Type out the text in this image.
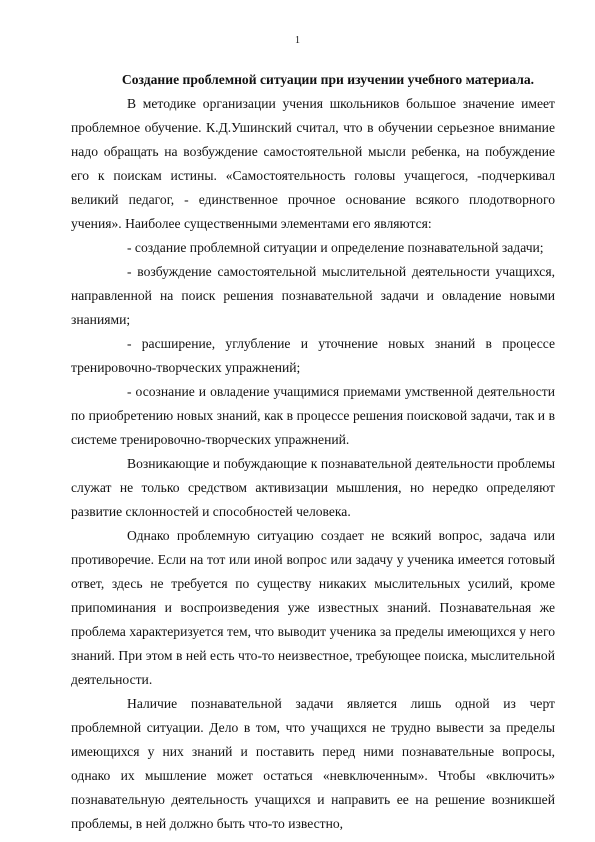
1
Создание проблемной ситуации при изучении учебного материала.

В методике организации учения школьников большое значение имеет проблемное обучение. К.Д.Ушинский считал, что в обучении серьезное внимание надо обращать на возбуждение самостоятельной мысли ребенка, на побуждение его к поискам истины. «Самостоятельность головы учащегося, -подчеркивал великий педагог, - единственное прочное основание всякого плодотворного учения». Наиболее существенными элементами его являются:

- создание проблемной ситуации и определение познавательной задачи;

- возбуждение самостоятельной мыслительной деятельности учащихся, направленной на поиск решения познавательной задачи и овладение новыми знаниями;

- расширение, углубление и уточнение новых знаний в процессе тренировочно-творческих упражнений;

- осознание и овладение учащимися приемами умственной деятельности по приобретению новых знаний, как в процессе решения поисковой задачи, так и в системе тренировочно-творческих упражнений.

Возникающие и побуждающие к познавательной деятельности проблемы служат не только средством активизации мышления, но нередко определяют развитие склонностей и способностей человека.

Однако проблемную ситуацию создает не всякий вопрос, задача или противоречие. Если на тот или иной вопрос или задачу у ученика имеется готовый ответ, здесь не требуется по существу никаких мыслительных усилий, кроме припоминания и воспроизведения уже известных знаний. Познавательная же проблема характеризуется тем, что выводит ученика за пределы имеющихся у него знаний. При этом в ней есть что-то неизвестное, требующее поиска, мыслительной деятельности.

Наличие познавательной задачи является лишь одной из черт проблемной ситуации. Дело в том, что учащихся не трудно вывести за пределы имеющихся у них знаний и поставить перед ними познавательные вопросы, однако их мышление может остаться «невключенным». Чтобы «включить» познавательную деятельность учащихся и направить ее на решение возникшей проблемы, в ней должно быть что-то известно,
